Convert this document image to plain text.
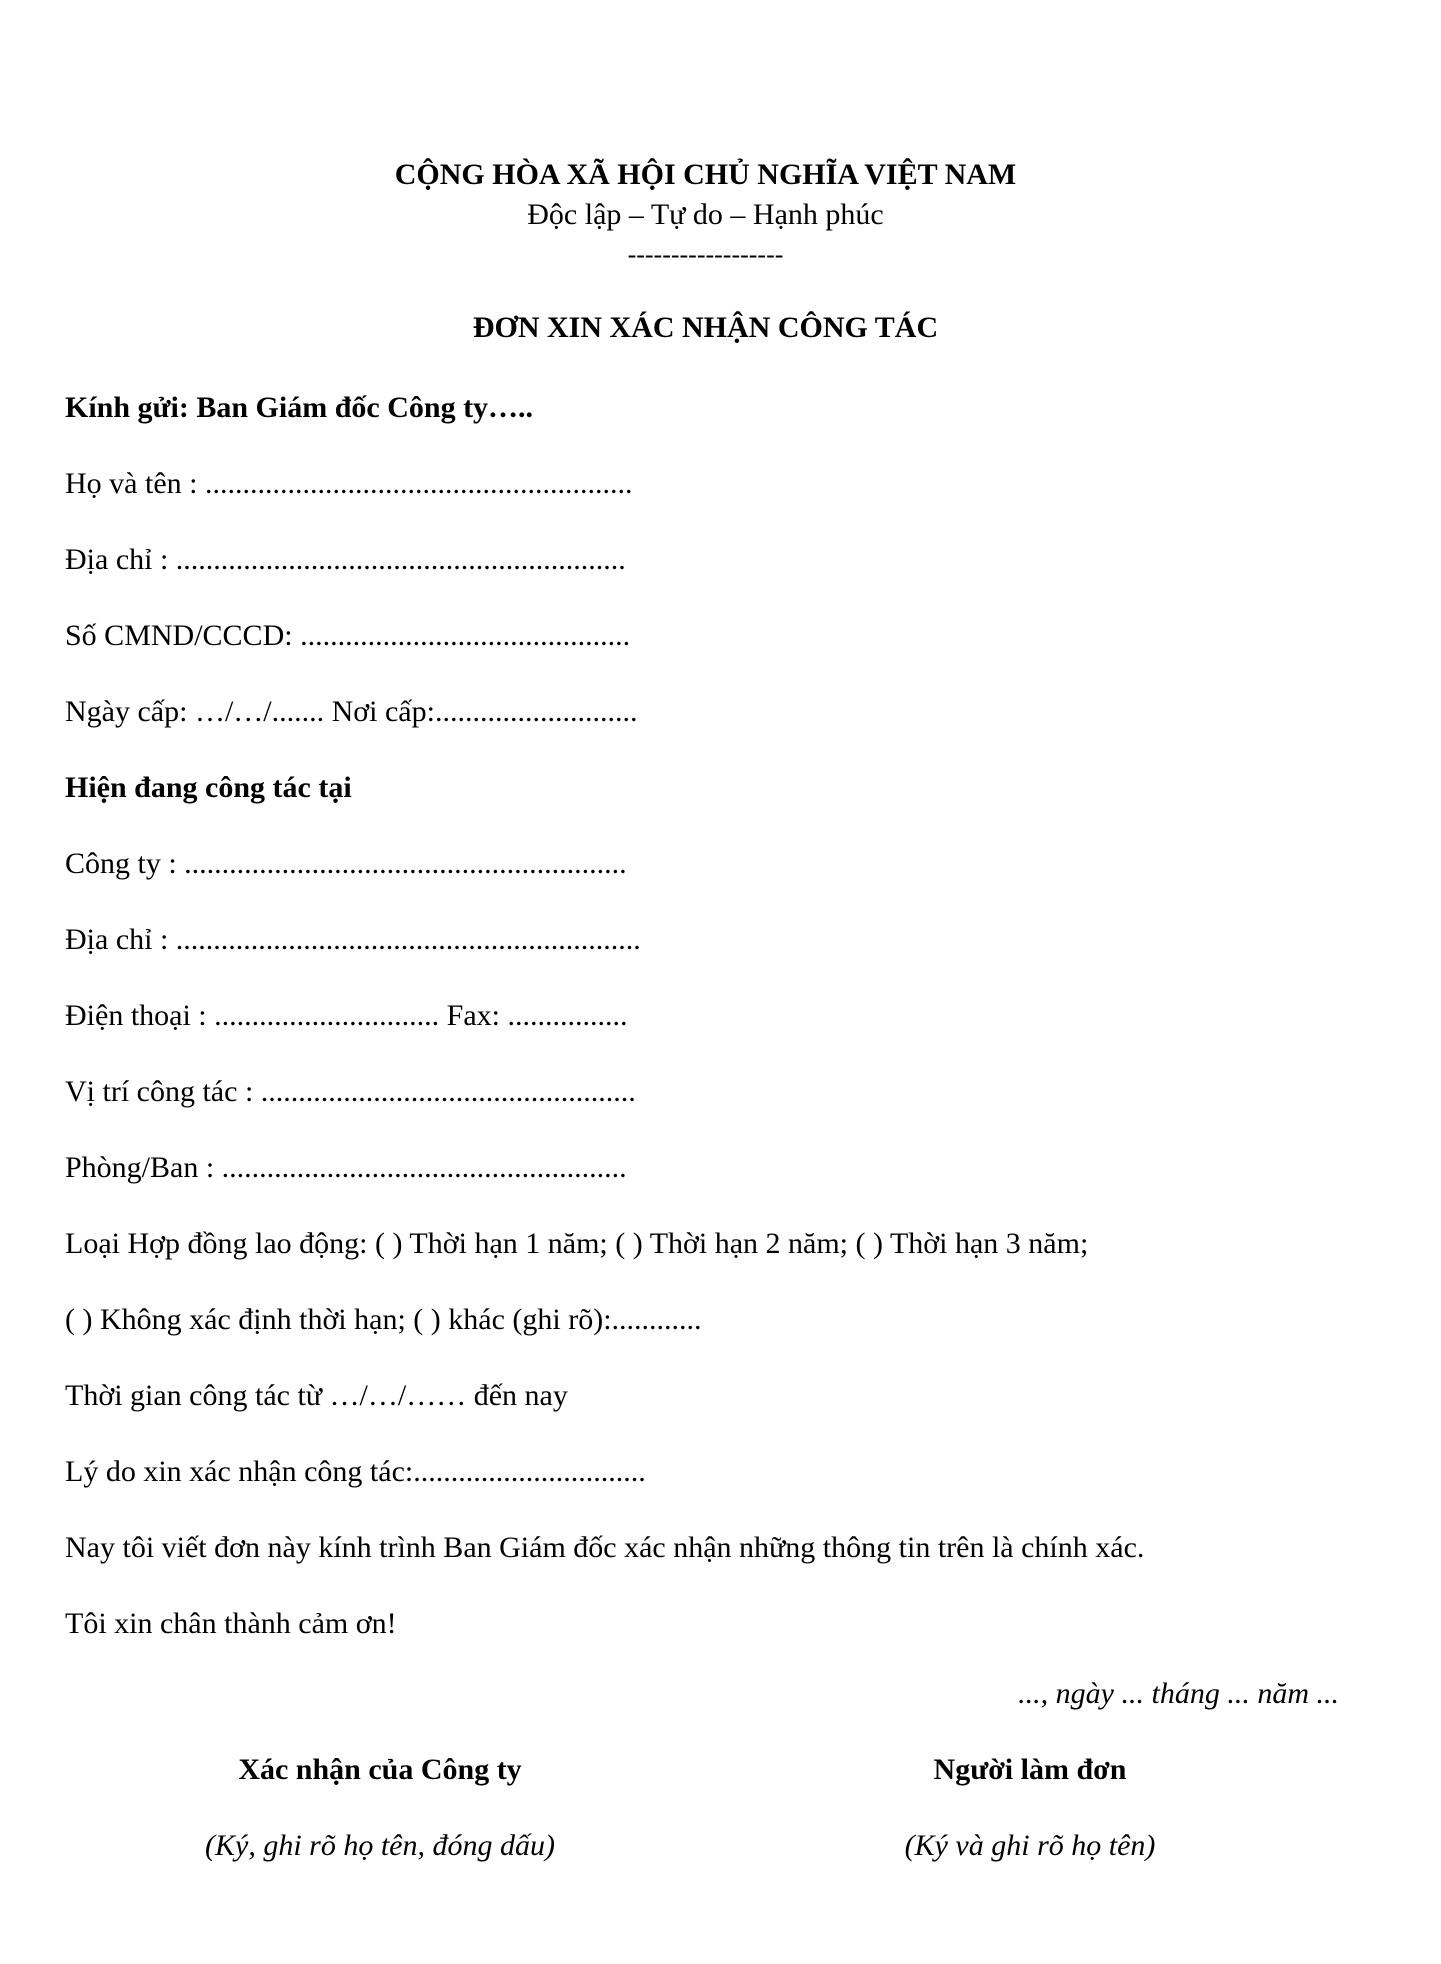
CỘNG HÒA XÃ HỘI CHỦ NGHĨA VIỆT NAM
Độc lập – Tự do – Hạnh phúc
------------------
ĐƠN XIN XÁC NHẬN CÔNG TÁC
Kính gửi: Ban Giám đốc Công ty…..
Họ và tên : .........................................................
Địa chỉ : ............................................................
Số CMND/CCCD: ............................................
Ngày cấp: …/…/....... Nơi cấp:...........................
Hiện đang công tác tại
Công ty : ...........................................................
Địa chỉ : ..............................................................
Điện thoại : .............................. Fax: ................
Vị trí công tác : ..................................................
Phòng/Ban : ......................................................
Loại Hợp đồng lao động: ( ) Thời hạn 1 năm; ( ) Thời hạn 2 năm; ( ) Thời hạn 3 năm;
( ) Không xác định thời hạn; ( ) khác (ghi rõ):............
Thời gian công tác từ …/…/…… đến nay
Lý do xin xác nhận công tác:...............................
Nay tôi viết đơn này kính trình Ban Giám đốc xác nhận những thông tin trên là chính xác.
Tôi xin chân thành cảm ơn!
..., ngày ... tháng ... năm ...
Xác nhận của Công ty
(Ký, ghi rõ họ tên, đóng dấu)
Người làm đơn
(Ký và ghi rõ họ tên)
